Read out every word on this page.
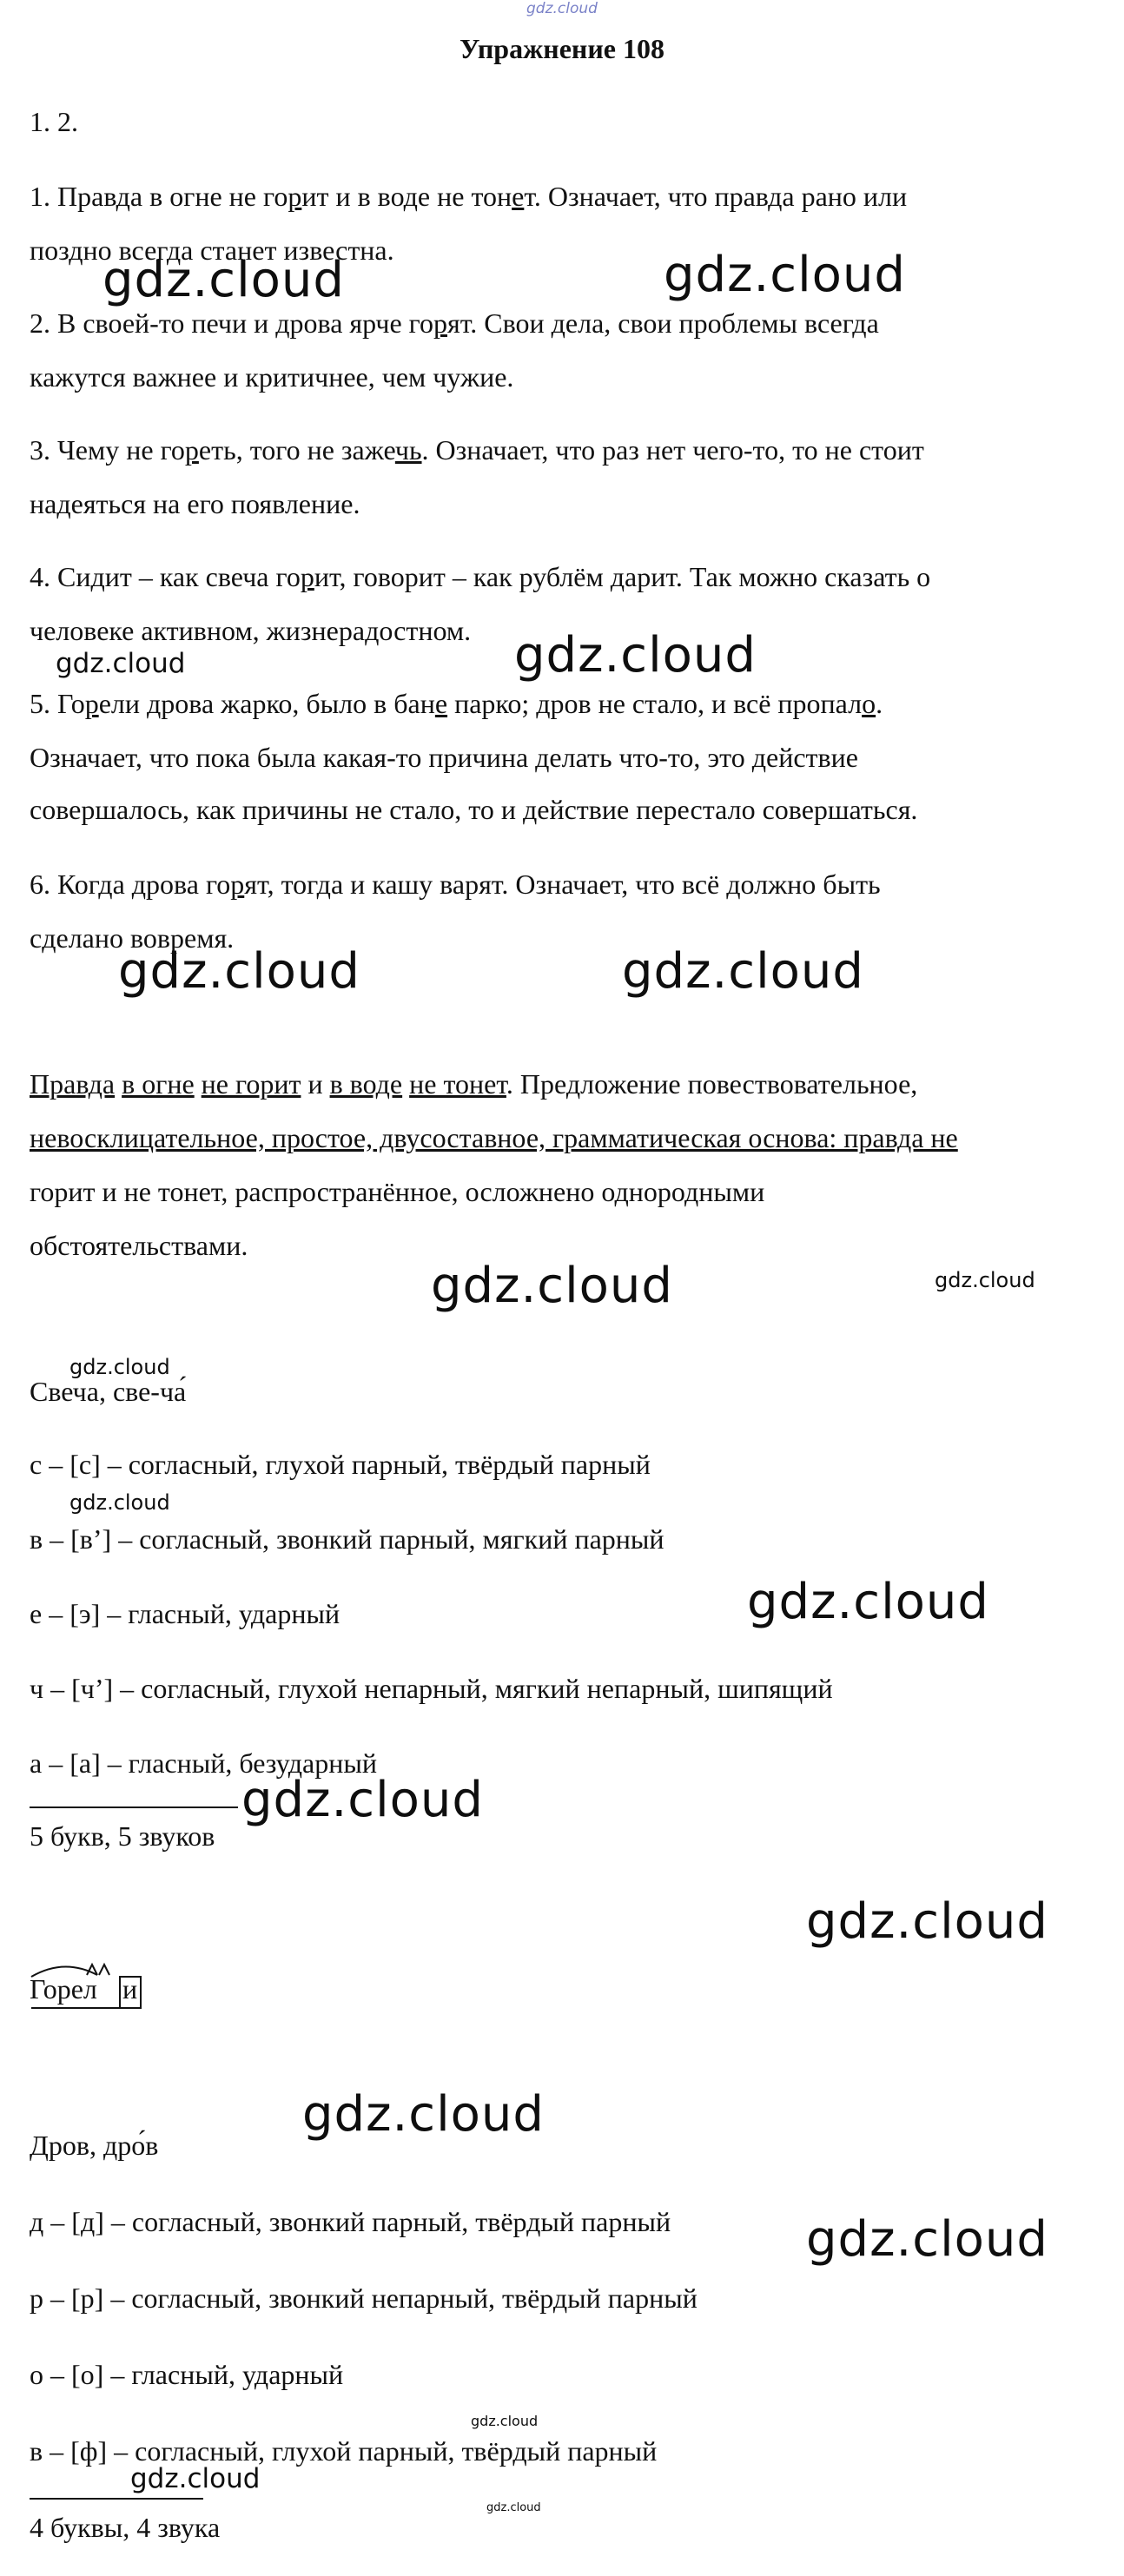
gdz.cloud
Упражнение 108
1. 2.
1. Правда в огне не горит и в воде не тонет. Означает, что правда рано или
поздно всегда станет известна.
2. В своей-то печи и дрова ярче горят. Свои дела, свои проблемы всегда
кажутся важнее и критичнее, чем чужие.
3. Чему не гореть, того не зажечь. Означает, что раз нет чего-то, то не стоит
надеяться на его появление.
4. Сидит – как свеча горит, говорит – как рублём дарит. Так можно сказать о
человеке активном, жизнерадостном.
5. Горели дрова жарко, было в бане парко; дров не стало, и всё пропало.
Означает, что пока была какая-то причина делать что-то, это действие
совершалось, как причины не стало, то и действие перестало совершаться.
6. Когда дрова горят, тогда и кашу варят. Означает, что всё должно быть
сделано вовремя.
Правда в огне не горит и в воде не тонет. Предложение повествовательное,
невосклицательное, простое, двусоставное, грамматическая основа: правда не
горит и не тонет, распространённое, осложнено однородными
обстоятельствами.
Свеча, све-ча́
с – [с] – согласный, глухой парный, твёрдый парный
в – [в’] – согласный, звонкий парный, мягкий парный
е – [э] – гласный, ударный
ч – [ч’] – согласный, глухой непарный, мягкий непарный, шипящий
а – [а] – гласный, безударный
5 букв, 5 звуков
Горел и
Дров, дро́в
д – [д] – согласный, звонкий парный, твёрдый парный
р – [р] – согласный, звонкий непарный, твёрдый парный
о – [о] – гласный, ударный
в – [ф] – согласный, глухой парный, твёрдый парный
4 буквы, 4 звука
gdz.cloud	gdz.cloud
gdz.cloud	gdz.cloud
gdz.cloud	gdz.cloud
gdz.cloud	gdz.cloud
gdz.cloud
gdz.cloud
gdz.cloud
gdz.cloud
gdz.cloud
gdz.cloud
gdz.cloud
gdz.cloud
gdz.cloud
gdz.cloud
